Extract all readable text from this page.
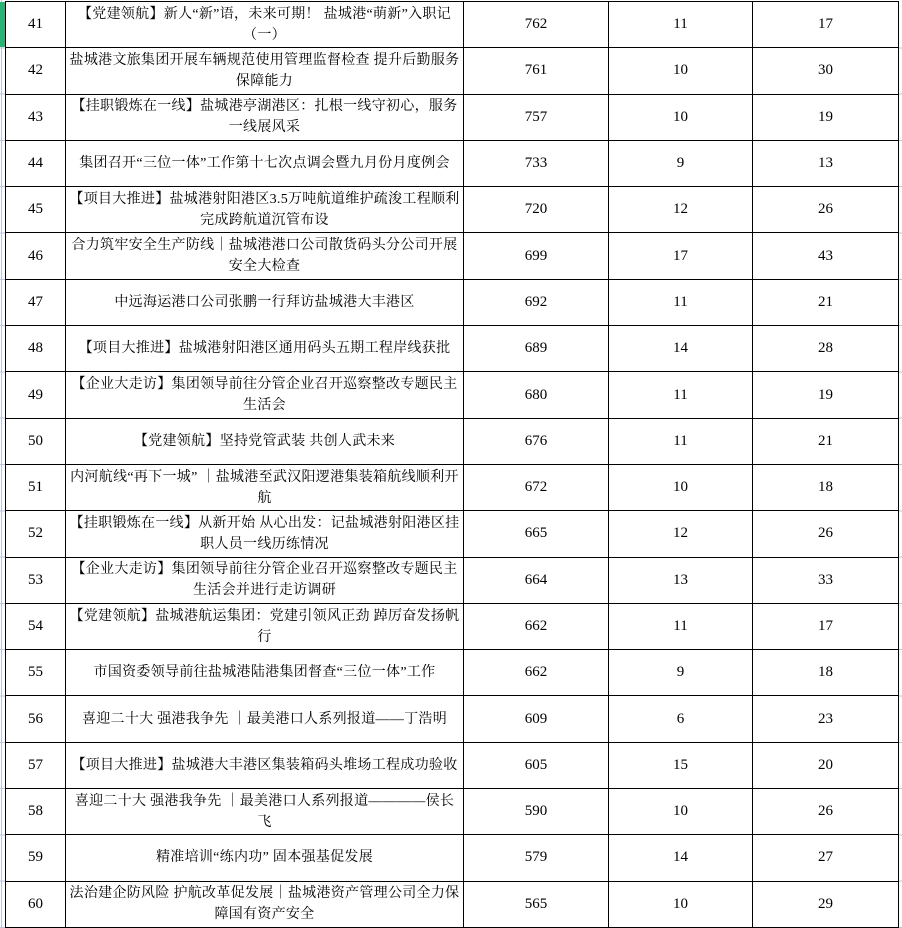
41	【党建领航】新人“新”语，未来可期！ 盐城港“萌新”入职记（一）	762	11	17
42	盐城港文旅集团开展车辆规范使用管理监督检查 提升后勤服务保障能力	761	10	30
43	【挂职锻炼在一线】盐城港亭湖港区：扎根一线守初心，服务一线展风采	757	10	19
44	集团召开“三位一体”工作第十七次点调会暨九月份月度例会	733	9	13
45	【项目大推进】盐城港射阳港区3.5万吨航道维护疏浚工程顺利完成跨航道沉管布设	720	12	26
46	合力筑牢安全生产防线｜盐城港港口公司散货码头分公司开展安全大检查	699	17	43
47	中远海运港口公司张鹏一行拜访盐城港大丰港区	692	11	21
48	【项目大推进】盐城港射阳港区通用码头五期工程岸线获批	689	14	28
49	【企业大走访】集团领导前往分管企业召开巡察整改专题民主生活会	680	11	19
50	【党建领航】坚持党管武装 共创人武未来	676	11	21
51	内河航线“再下一城” ｜盐城港至武汉阳逻港集装箱航线顺利开航	672	10	18
52	【挂职锻炼在一线】从新开始 从心出发：记盐城港射阳港区挂职人员一线历练情况	665	12	26
53	【企业大走访】集团领导前往分管企业召开巡察整改专题民主生活会并进行走访调研	664	13	33
54	【党建领航】盐城港航运集团：党建引领风正劲 踔厉奋发扬帆行	662	11	17
55	市国资委领导前往盐城港陆港集团督查“三位一体”工作	662	9	18
56	喜迎二十大 强港我争先 ｜最美港口人系列报道——丁浩明	609	6	23
57	【项目大推进】盐城港大丰港区集装箱码头堆场工程成功验收	605	15	20
58	喜迎二十大 强港我争先 ｜最美港口人系列报道————侯长飞	590	10	26
59	精准培训“练内功” 固本强基促发展	579	14	27
60	法治建企防风险 护航改革促发展｜盐城港资产管理公司全力保障国有资产安全	565	10	29
